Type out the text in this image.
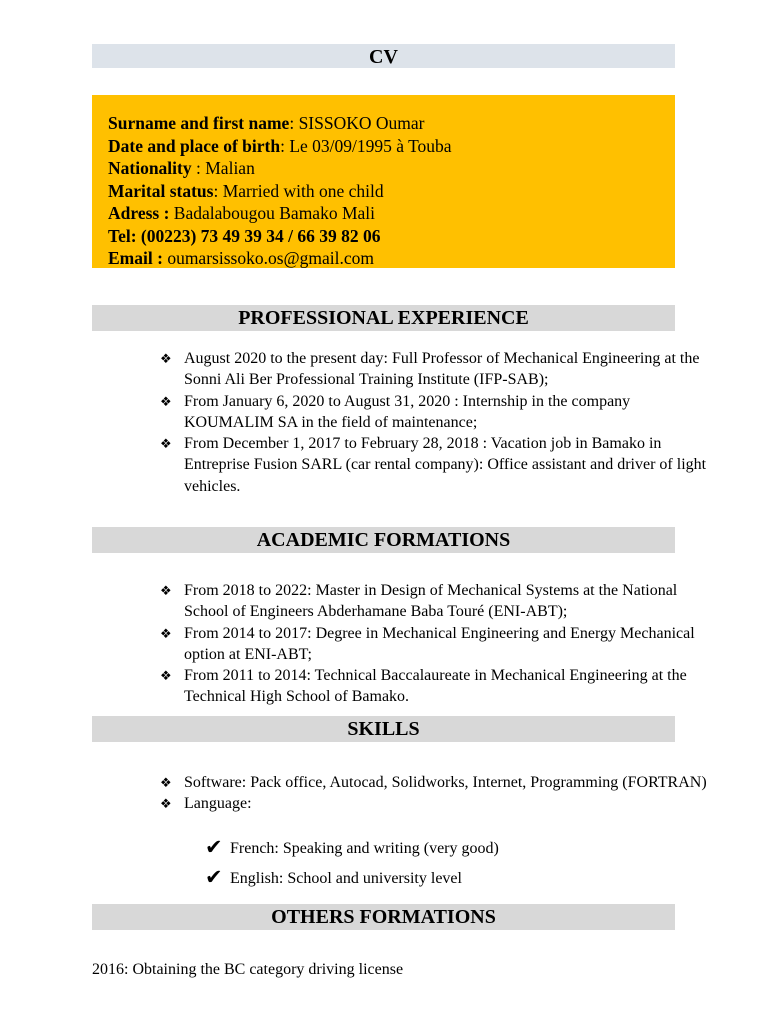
CV
Surname and first name: SISSOKO Oumar
Date and place of birth: Le 03/09/1995 à Touba
Nationality : Malian
Marital status: Married with one child
Adress : Badalabougou Bamako Mali
Tel: (00223) 73 49 39 34 / 66 39 82 06
Email : oumarsissoko.os@gmail.com
PROFESSIONAL EXPERIENCE
❖ August 2020 to the present day: Full Professor of Mechanical Engineering at the Sonni Ali Ber Professional Training Institute (IFP-SAB);
❖ From January 6, 2020 to August 31, 2020 : Internship in the company KOUMALIM SA in the field of maintenance;
❖ From December 1, 2017 to February 28, 2018 : Vacation job in Bamako in Entreprise Fusion SARL (car rental company): Office assistant and driver of light vehicles.
ACADEMIC FORMATIONS
❖ From 2018 to 2022: Master in Design of Mechanical Systems at the National School of Engineers Abderhamane Baba Touré (ENI-ABT);
❖ From 2014 to 2017: Degree in Mechanical Engineering and Energy Mechanical option at ENI-ABT;
❖ From 2011 to 2014: Technical Baccalaureate in Mechanical Engineering at the Technical High School of Bamako.
SKILLS
❖ Software: Pack office, Autocad, Solidworks, Internet, Programming (FORTRAN)
❖ Language:
✔ French: Speaking and writing (very good)
✔ English: School and university level
OTHERS FORMATIONS
2016: Obtaining the BC category driving license
